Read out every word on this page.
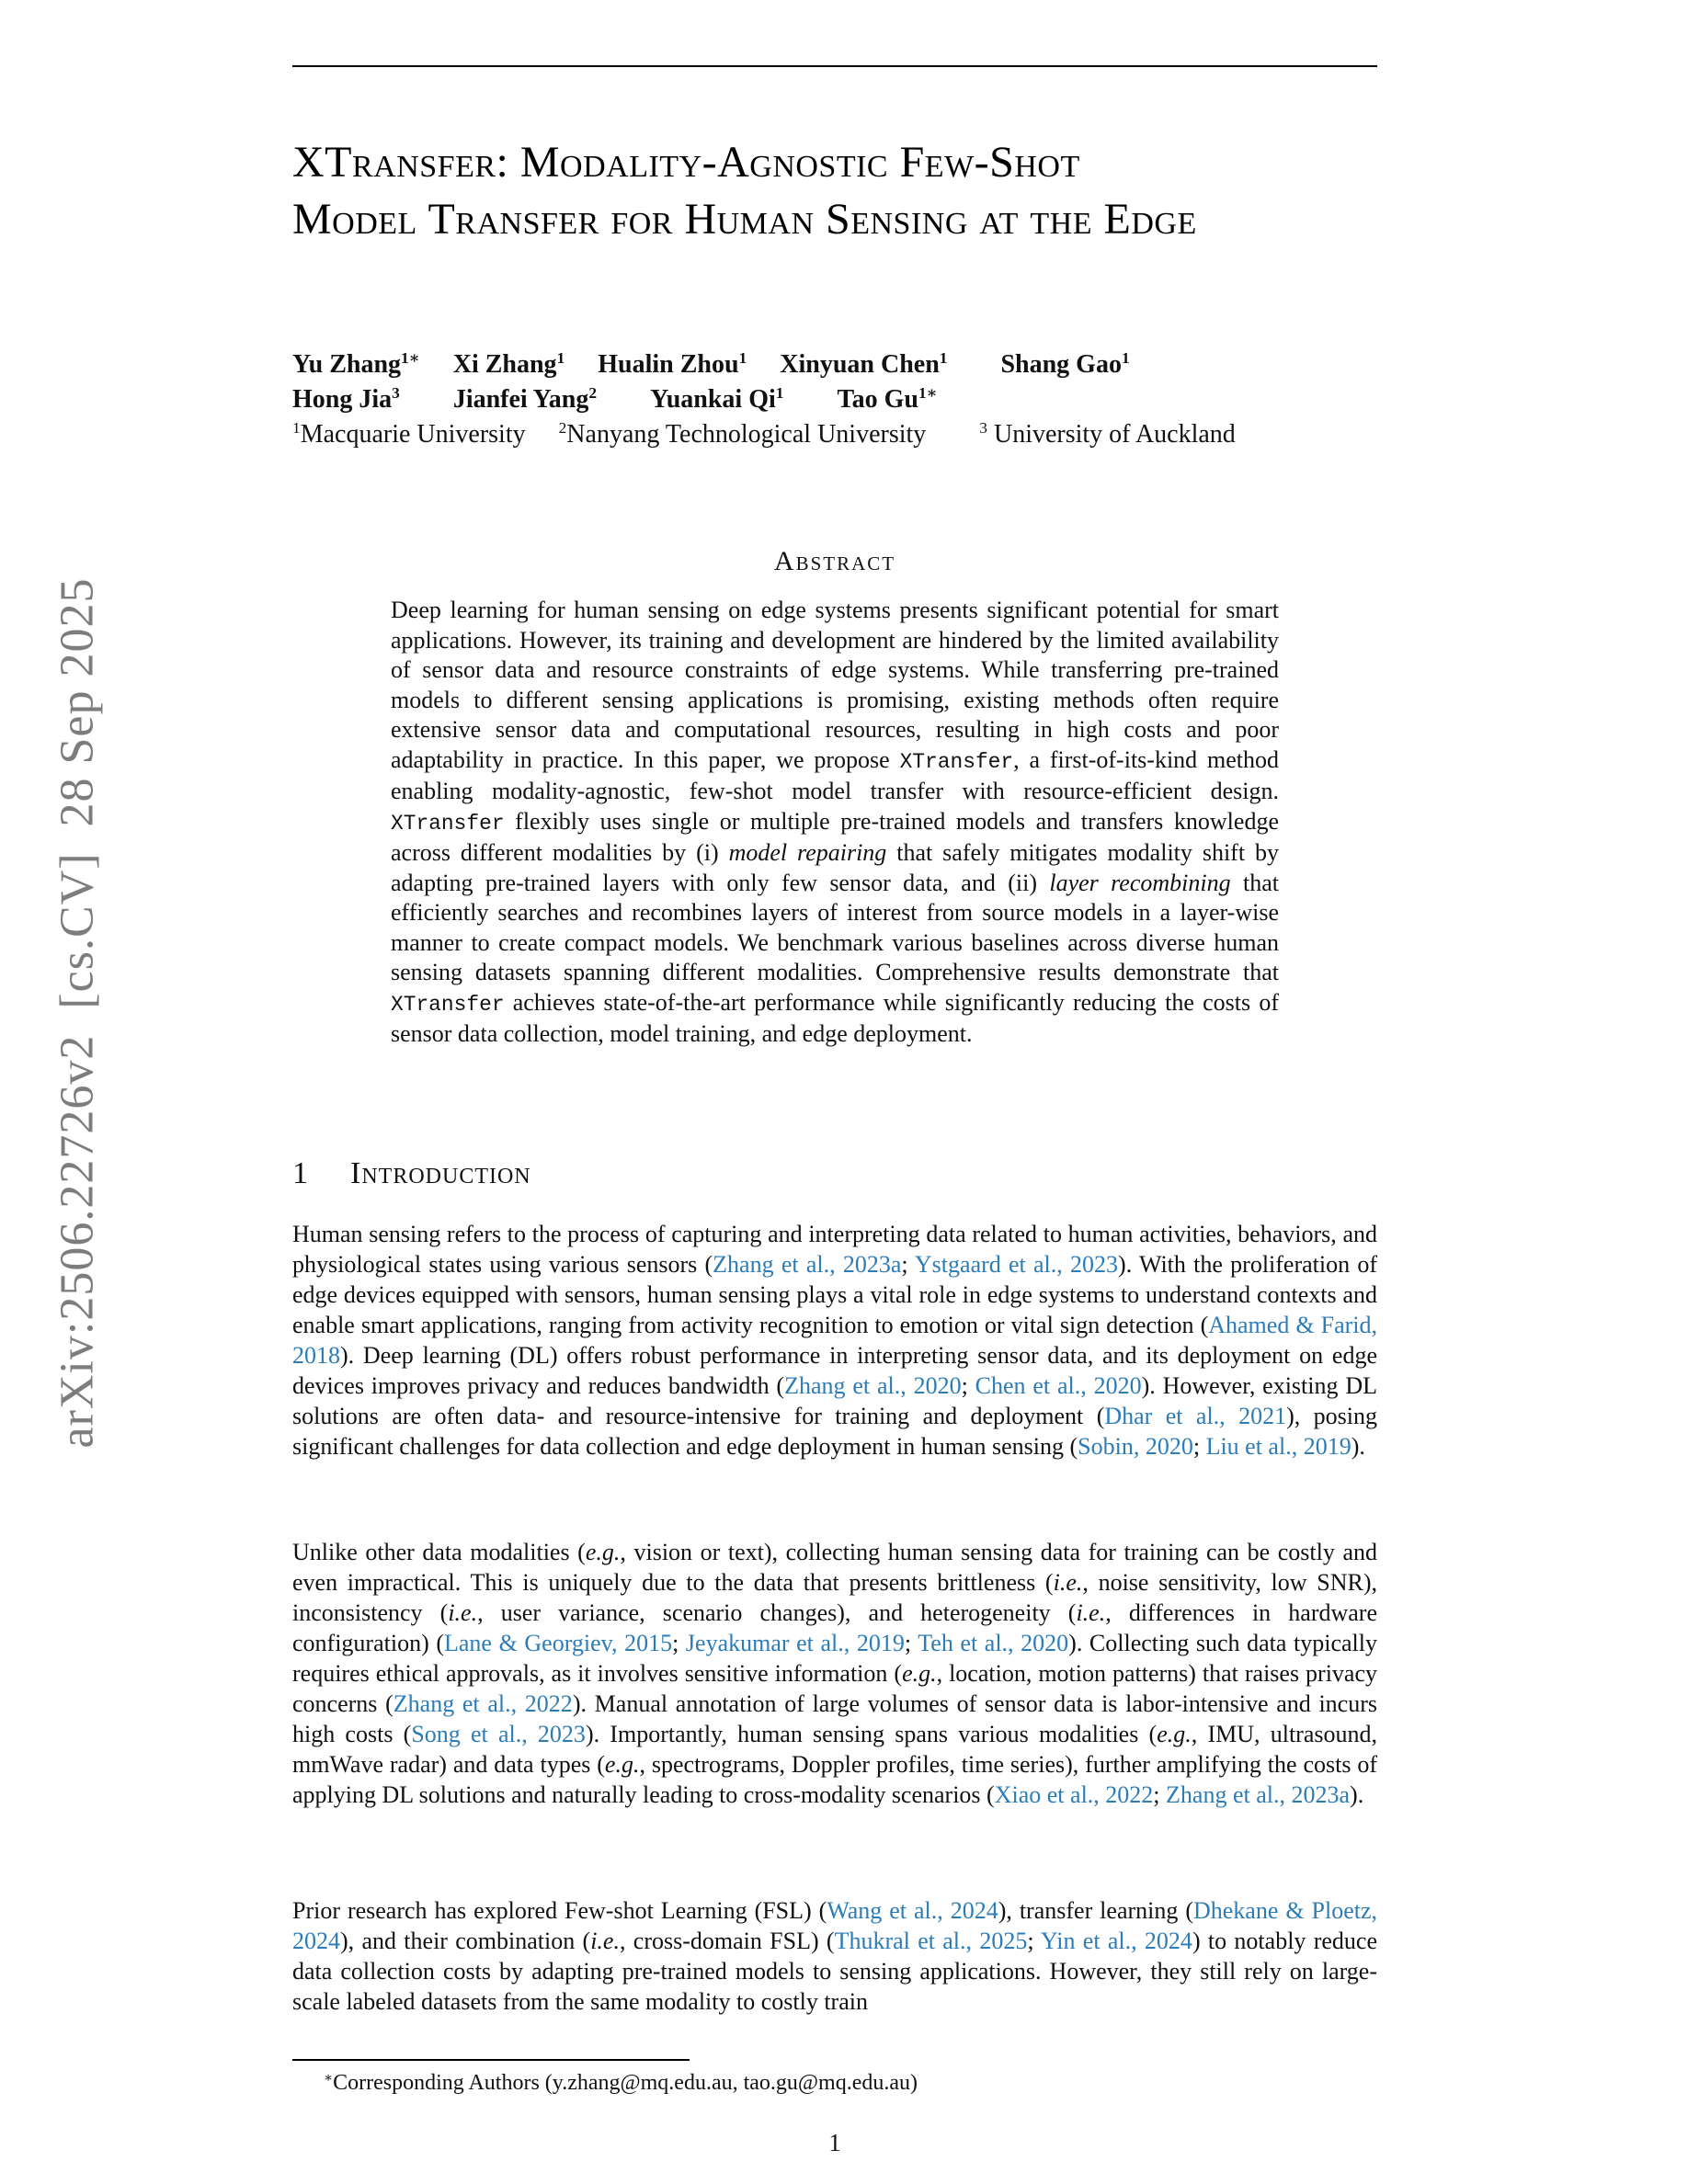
arXiv:2506.22726v2  [cs.CV]  28 Sep 2025
XTransfer: Modality-Agnostic Few-Shot
Model Transfer for Human Sensing at the Edge
Yu Zhang$^{1∗}$ Xi Zhang$^1$ Hualin Zhou$^1$ Xinyuan Chen$^1$ Shang Gao$^1$
Hong Jia$^3$ Jianfei Yang$^2$ Yuankai Qi$^1$ Tao $Gu^{1∗}$
$^1$Macquarie University $^2$Nanyang Technological University	$^3$ University of Auckland
Abstract
Deep learning for human sensing on edge systems presents significant potential for smart applications. However, its training and development are hindered by the limited availability of sensor data and resource constraints of edge systems. While transferring pre-trained models to different sensing applications is promising, existing methods often require extensive sensor data and computational resources, resulting in high costs and poor adaptability in practice. In this paper, we propose XTransfer, a first-of-its-kind method enabling modality-agnostic, few-shot model transfer with resource-efficient design. XTransfer flexibly uses single or multiple pre-trained models and transfers knowledge across different modalities by (i) model repairing that safely mitigates modality shift by adapting pre-trained layers with only few sensor data, and (ii) layer recombining that efficiently searches and recombines layers of interest from source models in a layer-wise manner to create compact models. We benchmark various baselines across diverse human sensing datasets spanning different modalities. Comprehensive results demonstrate that XTransfer achieves state-of-the-art performance while significantly reducing the costs of sensor data collection, model training, and edge deployment.
1 Introduction
Human sensing refers to the process of capturing and interpreting data related to human activities, behaviors, and physiological states using various sensors (Zhang et al., 2023a; Ystgaard et al., 2023). With the proliferation of edge devices equipped with sensors, human sensing plays a vital role in edge systems to understand contexts and enable smart applications, ranging from activity recognition to emotion or vital sign detection (Ahamed & Farid, 2018). Deep learning (DL) offers robust performance in interpreting sensor data, and its deployment on edge devices improves privacy and reduces bandwidth (Zhang et al., 2020; Chen et al., 2020). However, existing DL solutions are often data- and resource-intensive for training and deployment (Dhar et al., 2021), posing significant challenges for data collection and edge deployment in human sensing (Sobin, 2020; Liu et al., 2019).
Unlike other data modalities (e.g., vision or text), collecting human sensing data for training can be costly and even impractical. This is uniquely due to the data that presents brittleness (i.e., noise sensitivity, low SNR), inconsistency (i.e., user variance, scenario changes), and heterogeneity (i.e., differences in hardware configuration) (Lane & Georgiev, 2015; Jeyakumar et al., 2019; Teh et al., 2020). Collecting such data typically requires ethical approvals, as it involves sensitive information (e.g., location, motion patterns) that raises privacy concerns (Zhang et al., 2022). Manual annotation of large volumes of sensor data is labor-intensive and incurs high costs (Song et al., 2023). Importantly, human sensing spans various modalities (e.g., IMU, ultrasound, mmWave radar) and data types (e.g., spectrograms, Doppler profiles, time series), further amplifying the costs of applying DL solutions and naturally leading to cross-modality scenarios (Xiao et al., 2022; Zhang et al., 2023a).
Prior research has explored Few-shot Learning (FSL) (Wang et al., 2024), transfer learning (Dhekane & Ploetz, 2024), and their combination (i.e., cross-domain FSL) (Thukral et al., 2025; Yin et al., 2024) to notably reduce data collection costs by adapting pre-trained models to sensing applications. However, they still rely on large-scale labeled datasets from the same modality to costly train
∗Corresponding Authors (y.zhang@mq.edu.au, tao.gu@mq.edu.au)
1
